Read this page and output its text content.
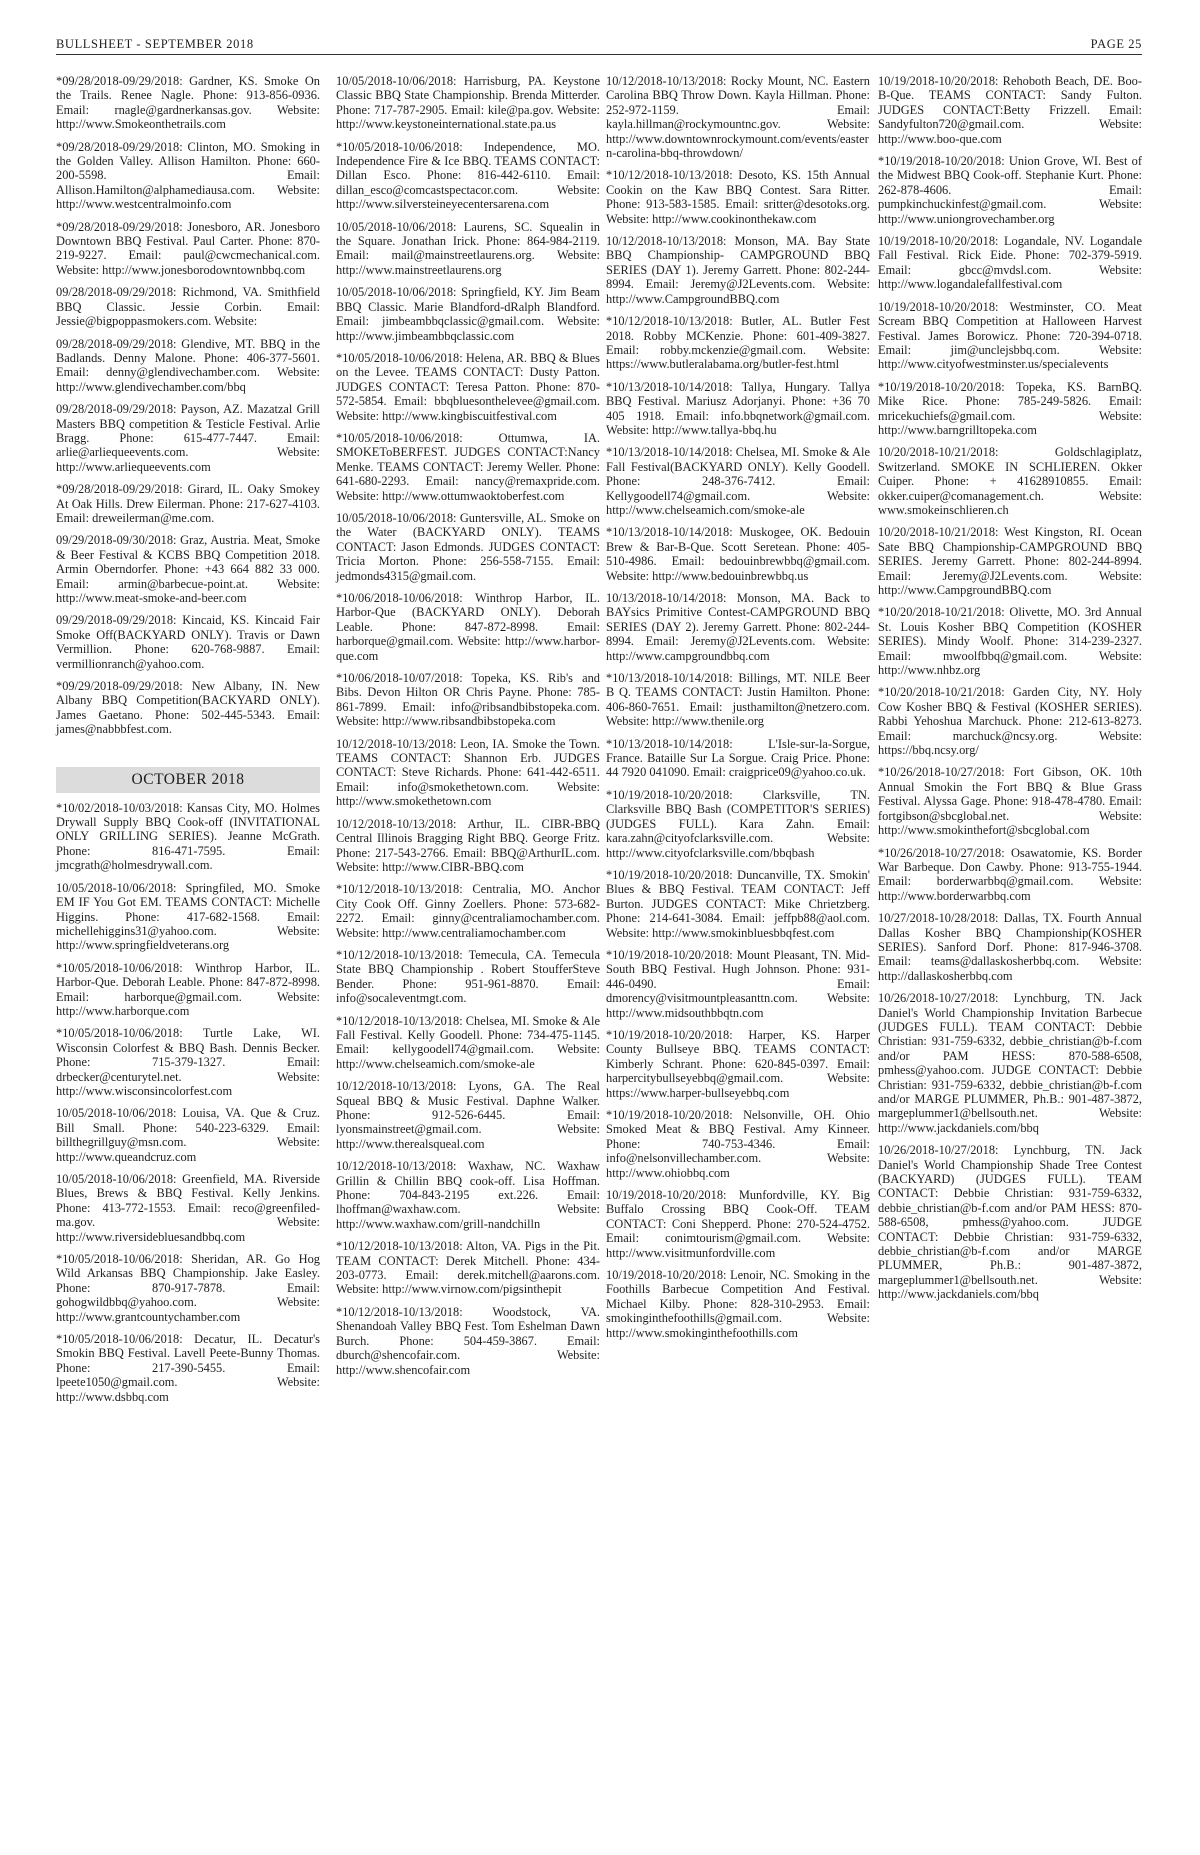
BULLSHEET - SEPTEMBER 2018	PAGE 25

*09/28/2018-09/29/2018: Gardner, KS. Smoke On the Trails. Renee Nagle. Phone: 913-856-0936. Email: rnagle@gardnerkansas.gov. Website: http://www.Smokeonthetrails.com

*09/28/2018-09/29/2018: Clinton, MO. Smoking in the Golden Valley. Allison Hamilton. Phone: 660-200-5598. Email: Allison.Hamilton@alphamediausa.com. Website: http://www.westcentralmoinfo.com

*09/28/2018-09/29/2018: Jonesboro, AR. Jonesboro Downtown BBQ Festival. Paul Carter. Phone: 870-219-9227. Email: paul@cwcmechanical.com. Website: http://www.jonesborodowntownbbq.com

09/28/2018-09/29/2018: Richmond, VA. Smithfield BBQ Classic. Jessie Corbin. Email: Jessie@bigpoppasmokers.com. Website:

09/28/2018-09/29/2018: Glendive, MT. BBQ in the Badlands. Denny Malone. Phone: 406-377-5601. Email: denny@glendivechamber.com. Website: http://www.glendivechamber.com/bbq

09/28/2018-09/29/2018: Payson, AZ. Mazatzal Grill Masters BBQ competition & Testicle Festival. Arlie Bragg. Phone: 615-477-7447. Email: arlie@arliequeevents.com. Website: http://www.arliequeevents.com

*09/28/2018-09/29/2018: Girard, IL. Oaky Smokey At Oak Hills. Drew Eilerman. Phone: 217-627-4103. Email: dreweilerman@me.com.

09/29/2018-09/30/2018: Graz, Austria. Meat, Smoke & Beer Festival & KCBS BBQ Competition 2018. Armin Oberndorfer. Phone: +43 664 882 33 000. Email: armin@barbecue-point.at. Website: http://www.meat-smoke-and-beer.com

09/29/2018-09/29/2018: Kincaid, KS. Kincaid Fair Smoke Off(BACKYARD ONLY). Travis or Dawn Vermillion. Phone: 620-768-9887. Email: vermillionranch@yahoo.com.

*09/29/2018-09/29/2018: New Albany, IN. New Albany BBQ Competition(BACKYARD ONLY). James Gaetano. Phone: 502-445-5343. Email: james@nabbbfest.com.

OCTOBER 2018

*10/02/2018-10/03/2018: Kansas City, MO. Holmes Drywall Supply BBQ Cook-off (INVITATIONAL ONLY GRILLING SERIES). Jeanne McGrath. Phone: 816-471-7595. Email: jmcgrath@holmesdrywall.com.

10/05/2018-10/06/2018: Springfiled, MO. Smoke EM IF You Got EM. TEAMS CONTACT: Michelle Higgins. Phone: 417-682-1568. Email: michellehiggins31@yahoo.com. Website: http://www.springfieldveterans.org

*10/05/2018-10/06/2018: Winthrop Harbor, IL. Harbor-Que. Deborah Leable. Phone: 847-872-8998. Email: harborque@gmail.com. Website: http://www.harborque.com

*10/05/2018-10/06/2018: Turtle Lake, WI. Wisconsin Colorfest & BBQ Bash. Dennis Becker. Phone: 715-379-1327. Email: drbecker@centurytel.net. Website: http://www.wisconsincolorfest.com

10/05/2018-10/06/2018: Louisa, VA. Que & Cruz. Bill Small. Phone: 540-223-6329. Email: billthegrillguy@msn.com. Website: http://www.queandcruz.com

10/05/2018-10/06/2018: Greenfield, MA. Riverside Blues, Brews & BBQ Festival. Kelly Jenkins. Phone: 413-772-1553. Email: reco@greenfiled-ma.gov. Website: http://www.riversidebluesandbbq.com

*10/05/2018-10/06/2018: Sheridan, AR. Go Hog Wild Arkansas BBQ Championship. Jake Easley. Phone: 870-917-7878. Email: gohogwildbbq@yahoo.com. Website: http://www.grantcountychamber.com

*10/05/2018-10/06/2018: Decatur, IL. Decatur's Smokin BBQ Festival. Lavell Peete-Bunny Thomas. Phone: 217-390-5455. Email: lpeete1050@gmail.com. Website: http://www.dsbbq.com

10/05/2018-10/06/2018: Harrisburg, PA. Keystone Classic BBQ State Championship. Brenda Mitterder. Phone: 717-787-2905. Email: kile@pa.gov. Website: http://www.keystoneinternational.state.pa.us

*10/05/2018-10/06/2018: Independence, MO. Independence Fire & Ice BBQ. TEAMS CONTACT: Dillan Esco. Phone: 816-442-6110. Email: dillan_esco@comcastspectacor.com. Website: http://www.silversteineyecentersarena.com

10/05/2018-10/06/2018: Laurens, SC. Squealin in the Square. Jonathan Irick. Phone: 864-984-2119. Email: mail@mainstreetlaurens.org. Website: http://www.mainstreetlaurens.org

10/05/2018-10/06/2018: Springfield, KY. Jim Beam BBQ Classic. Marie Blandford-dRalph Blandford. Email: jimbeambbqclassic@gmail.com. Website: http://www.jimbeambbqclassic.com

*10/05/2018-10/06/2018: Helena, AR. BBQ & Blues on the Levee. TEAMS CONTACT: Dusty Patton. JUDGES CONTACT: Teresa Patton. Phone: 870-572-5854. Email: bbqbluesonthelevee@gmail.com. Website: http://www.kingbiscuitfestival.com

*10/05/2018-10/06/2018: Ottumwa, IA. SMOKEToBERFEST. JUDGES CONTACT:Nancy Menke. TEAMS CONTACT: Jeremy Weller. Phone: 641-680-2293. Email: nancy@remaxpride.com. Website: http://www.ottumwaoktoberfest.com

10/05/2018-10/06/2018: Guntersville, AL. Smoke on the Water (BACKYARD ONLY). TEAMS CONTACT: Jason Edmonds. JUDGES CONTACT: Tricia Morton. Phone: 256-558-7155. Email: jedmonds4315@gmail.com.

*10/06/2018-10/06/2018: Winthrop Harbor, IL. Harbor-Que (BACKYARD ONLY). Deborah Leable. Phone: 847-872-8998. Email: harborque@gmail.com. Website: http://www.harbor-que.com

*10/06/2018-10/07/2018: Topeka, KS. Rib's and Bibs. Devon Hilton OR Chris Payne. Phone: 785-861-7899. Email: info@ribsandbibstopeka.com. Website: http://www.ribsandbibstopeka.com

10/12/2018-10/13/2018: Leon, IA. Smoke the Town. TEAMS CONTACT: Shannon Erb. JUDGES CONTACT: Steve Richards. Phone: 641-442-6511. Email: info@smokethetown.com. Website: http://www.smokethetown.com

10/12/2018-10/13/2018: Arthur, IL. CIBR-BBQ Central Illinois Bragging Right BBQ. George Fritz. Phone: 217-543-2766. Email: BBQ@ArthurIL.com. Website: http://www.CIBR-BBQ.com

*10/12/2018-10/13/2018: Centralia, MO. Anchor City Cook Off. Ginny Zoellers. Phone: 573-682-2272. Email: ginny@centraliamochamber.com. Website: http://www.centraliamochamber.com

*10/12/2018-10/13/2018: Temecula, CA. Temecula State BBQ Championship . Robert StoufferSteve Bender. Phone: 951-961-8870. Email: info@socaleventmgt.com.

*10/12/2018-10/13/2018: Chelsea, MI. Smoke & Ale Fall Festival. Kelly Goodell. Phone: 734-475-1145. Email: kellygoodell74@gmail.com. Website: http://www.chelseamich.com/smoke-ale

10/12/2018-10/13/2018: Lyons, GA. The Real Squeal BBQ & Music Festival. Daphne Walker. Phone: 912-526-6445. Email: lyonsmainstreet@gmail.com. Website: http://www.therealsqueal.com

10/12/2018-10/13/2018: Waxhaw, NC. Waxhaw Grillin & Chillin BBQ cook-off. Lisa Hoffman. Phone: 704-843-2195 ext.226. Email: lhoffman@waxhaw.com. Website: http://www.waxhaw.com/grill-nandchilln

*10/12/2018-10/13/2018: Alton, VA. Pigs in the Pit. TEAM CONTACT: Derek Mitchell. Phone: 434-203-0773. Email: derek.mitchell@aarons.com. Website: http://www.virnow.com/pigsinthepit

*10/12/2018-10/13/2018: Woodstock, VA. Shenandoah Valley BBQ Fest. Tom Eshelman Dawn Burch. Phone: 504-459-3867. Email: dburch@shencofair.com. Website: http://www.shencofair.com

10/12/2018-10/13/2018: Rocky Mount, NC. Eastern Carolina BBQ Throw Down. Kayla Hillman. Phone: 252-972-1159. Email: kayla.hillman@rockymountnc.gov. Website: http://www.downtownrockymount.com/events/eastern-carolina-bbq-throwdown/

*10/12/2018-10/13/2018: Desoto, KS. 15th Annual Cookin on the Kaw BBQ Contest. Sara Ritter. Phone: 913-583-1585. Email: sritter@desotoks.org. Website: http://www.cookinonthekaw.com

10/12/2018-10/13/2018: Monson, MA. Bay State BBQ Championship- CAMPGROUND BBQ SERIES (DAY 1). Jeremy Garrett. Phone: 802-244-8994. Email: Jeremy@J2Levents.com. Website: http://www.CampgroundBBQ.com

*10/12/2018-10/13/2018: Butler, AL. Butler Fest 2018. Robby MCKenzie. Phone: 601-409-3827. Email: robby.mckenzie@gmail.com. Website: https://www.butleralabama.org/butler-fest.html

*10/13/2018-10/14/2018: Tallya, Hungary. Tallya BBQ Festival. Mariusz Adorjanyi. Phone: +36 70 405 1918. Email: info.bbqnetwork@gmail.com. Website: http://www.tallya-bbq.hu

*10/13/2018-10/14/2018: Chelsea, MI. Smoke & Ale Fall Festival(BACKYARD ONLY). Kelly Goodell. Phone: 248-376-7412. Email: Kellygoodell74@gmail.com. Website: http://www.chelseamich.com/smoke-ale

*10/13/2018-10/14/2018: Muskogee, OK. Bedouin Brew & Bar-B-Que. Scott Seretean. Phone: 405-510-4986. Email: bedouinbrewbbq@gmail.com. Website: http://www.bedouinbrewbbq.us

10/13/2018-10/14/2018: Monson, MA. Back to BAYsics Primitive Contest-CAMPGROUND BBQ SERIES (DAY 2). Jeremy Garrett. Phone: 802-244-8994. Email: Jeremy@J2Levents.com. Website: http://www.campgroundbbq.com

*10/13/2018-10/14/2018: Billings, MT. NILE Beer B Q. TEAMS CONTACT: Justin Hamilton. Phone: 406-860-7651. Email: justhamilton@netzero.com. Website: http://www.thenile.org

*10/13/2018-10/14/2018: L'Isle-sur-la-Sorgue, France. Bataille Sur La Sorgue. Craig Price. Phone: 44 7920 041090. Email: craigprice09@yahoo.co.uk.

*10/19/2018-10/20/2018: Clarksville, TN. Clarksville BBQ Bash (COMPETITOR'S SERIES)(JUDGES FULL). Kara Zahn. Email: kara.zahn@cityofclarksville.com. Website: http://www.cityofclarksville.com/bbqbash

*10/19/2018-10/20/2018: Duncanville, TX. Smokin' Blues & BBQ Festival. TEAM CONTACT: Jeff Burton. JUDGES CONTACT: Mike Chrietzberg. Phone: 214-641-3084. Email: jeffpb88@aol.com. Website: http://www.smokinbluesbbqfest.com

*10/19/2018-10/20/2018: Mount Pleasant, TN. Mid-South BBQ Festival. Hugh Johnson. Phone: 931-446-0490. Email: dmorency@visitmountpleasanttn.com. Website: http://www.midsouthbbqtn.com

*10/19/2018-10/20/2018: Harper, KS. Harper County Bullseye BBQ. TEAMS CONTACT: Kimberly Schrant. Phone: 620-845-0397. Email: harpercitybullseyebbq@gmail.com. Website: https://www.harper-bullseyebbq.com

*10/19/2018-10/20/2018: Nelsonville, OH. Ohio Smoked Meat & BBQ Festival. Amy Kinneer. Phone: 740-753-4346. Email: info@nelsonvillechamber.com. Website: http://www.ohiobbq.com

10/19/2018-10/20/2018: Munfordville, KY. Big Buffalo Crossing BBQ Cook-Off. TEAM CONTACT: Coni Shepperd. Phone: 270-524-4752. Email: conimtourism@gmail.com. Website: http://www.visitmunfordville.com

10/19/2018-10/20/2018: Lenoir, NC. Smoking in the Foothills Barbecue Competition And Festival. Michael Kilby. Phone: 828-310-2953. Email: smokinginthefoothills@gmail.com. Website: http://www.smokinginthefoothills.com

10/19/2018-10/20/2018: Rehoboth Beach, DE. Boo-B-Que. TEAMS CONTACT: Sandy Fulton. JUDGES CONTACT:Betty Frizzell. Email: Sandyfulton720@gmail.com. Website: http://www.boo-que.com

*10/19/2018-10/20/2018: Union Grove, WI. Best of the Midwest BBQ Cook-off. Stephanie Kurt. Phone: 262-878-4606. Email: pumpkinchuckinfest@gmail.com. Website: http://www.uniongrovechamber.org

10/19/2018-10/20/2018: Logandale, NV. Logandale Fall Festival. Rick Eide. Phone: 702-379-5919. Email: gbcc@mvdsl.com. Website: http://www.logandalefallfestival.com

10/19/2018-10/20/2018: Westminster, CO. Meat Scream BBQ Competition at Halloween Harvest Festival. James Borowicz. Phone: 720-394-0718. Email: jim@unclejsbbq.com. Website: http://www.cityofwestminster.us/specialevents

*10/19/2018-10/20/2018: Topeka, KS. BarnBQ. Mike Rice. Phone: 785-249-5826. Email: mricekuchiefs@gmail.com. Website: http://www.barngrilltopeka.com

10/20/2018-10/21/2018: Goldschlagiplatz, Switzerland. SMOKE IN SCHLIEREN. Okker Cuiper. Phone: + 41628910855. Email: okker.cuiper@comanagement.ch. Website: www.smokeinschlieren.ch

10/20/2018-10/21/2018: West Kingston, RI. Ocean Sate BBQ Championship-CAMPGROUND BBQ SERIES. Jeremy Garrett. Phone: 802-244-8994. Email: Jeremy@J2Levents.com. Website: http://www.CampgroundBBQ.com

*10/20/2018-10/21/2018: Olivette, MO. 3rd Annual St. Louis Kosher BBQ Competition (KOSHER SERIES). Mindy Woolf. Phone: 314-239-2327. Email: mwoolfbbq@gmail.com. Website: http://www.nhbz.org

*10/20/2018-10/21/2018: Garden City, NY. Holy Cow Kosher BBQ & Festival (KOSHER SERIES). Rabbi Yehoshua Marchuck. Phone: 212-613-8273. Email: marchuck@ncsy.org. Website: https://bbq.ncsy.org/

*10/26/2018-10/27/2018: Fort Gibson, OK. 10th Annual Smokin the Fort BBQ & Blue Grass Festival. Alyssa Gage. Phone: 918-478-4780. Email: fortgibson@sbcglobal.net. Website: http://www.smokinthefort@sbcglobal.com

*10/26/2018-10/27/2018: Osawatomie, KS. Border War Barbeque. Don Cawby. Phone: 913-755-1944. Email: borderwarbbq@gmail.com. Website: http://www.borderwarbbq.com

10/27/2018-10/28/2018: Dallas, TX. Fourth Annual Dallas Kosher BBQ Championship(KOSHER SERIES). Sanford Dorf. Phone: 817-946-3708. Email: teams@dallaskosherbbq.com. Website: http://dallaskosherbbq.com

10/26/2018-10/27/2018: Lynchburg, TN. Jack Daniel's World Championship Invitation Barbecue (JUDGES FULL). TEAM CONTACT: Debbie Christian: 931-759-6332, debbie_christian@b-f.com and/or PAM HESS: 870-588-6508, pmhess@yahoo.com. JUDGE CONTACT: Debbie Christian: 931-759-6332, debbie_christian@b-f.com and/or MARGE PLUMMER, Ph.B.: 901-487-3872, margeplummer1@bellsouth.net. Website: http://www.jackdaniels.com/bbq

10/26/2018-10/27/2018: Lynchburg, TN. Jack Daniel's World Championship Shade Tree Contest (BACKYARD) (JUDGES FULL). TEAM CONTACT: Debbie Christian: 931-759-6332, debbie_christian@b-f.com and/or PAM HESS: 870-588-6508, pmhess@yahoo.com. JUDGE CONTACT: Debbie Christian: 931-759-6332, debbie_christian@b-f.com and/or MARGE PLUMMER, Ph.B.: 901-487-3872, margeplummer1@bellsouth.net. Website: http://www.jackdaniels.com/bbq
